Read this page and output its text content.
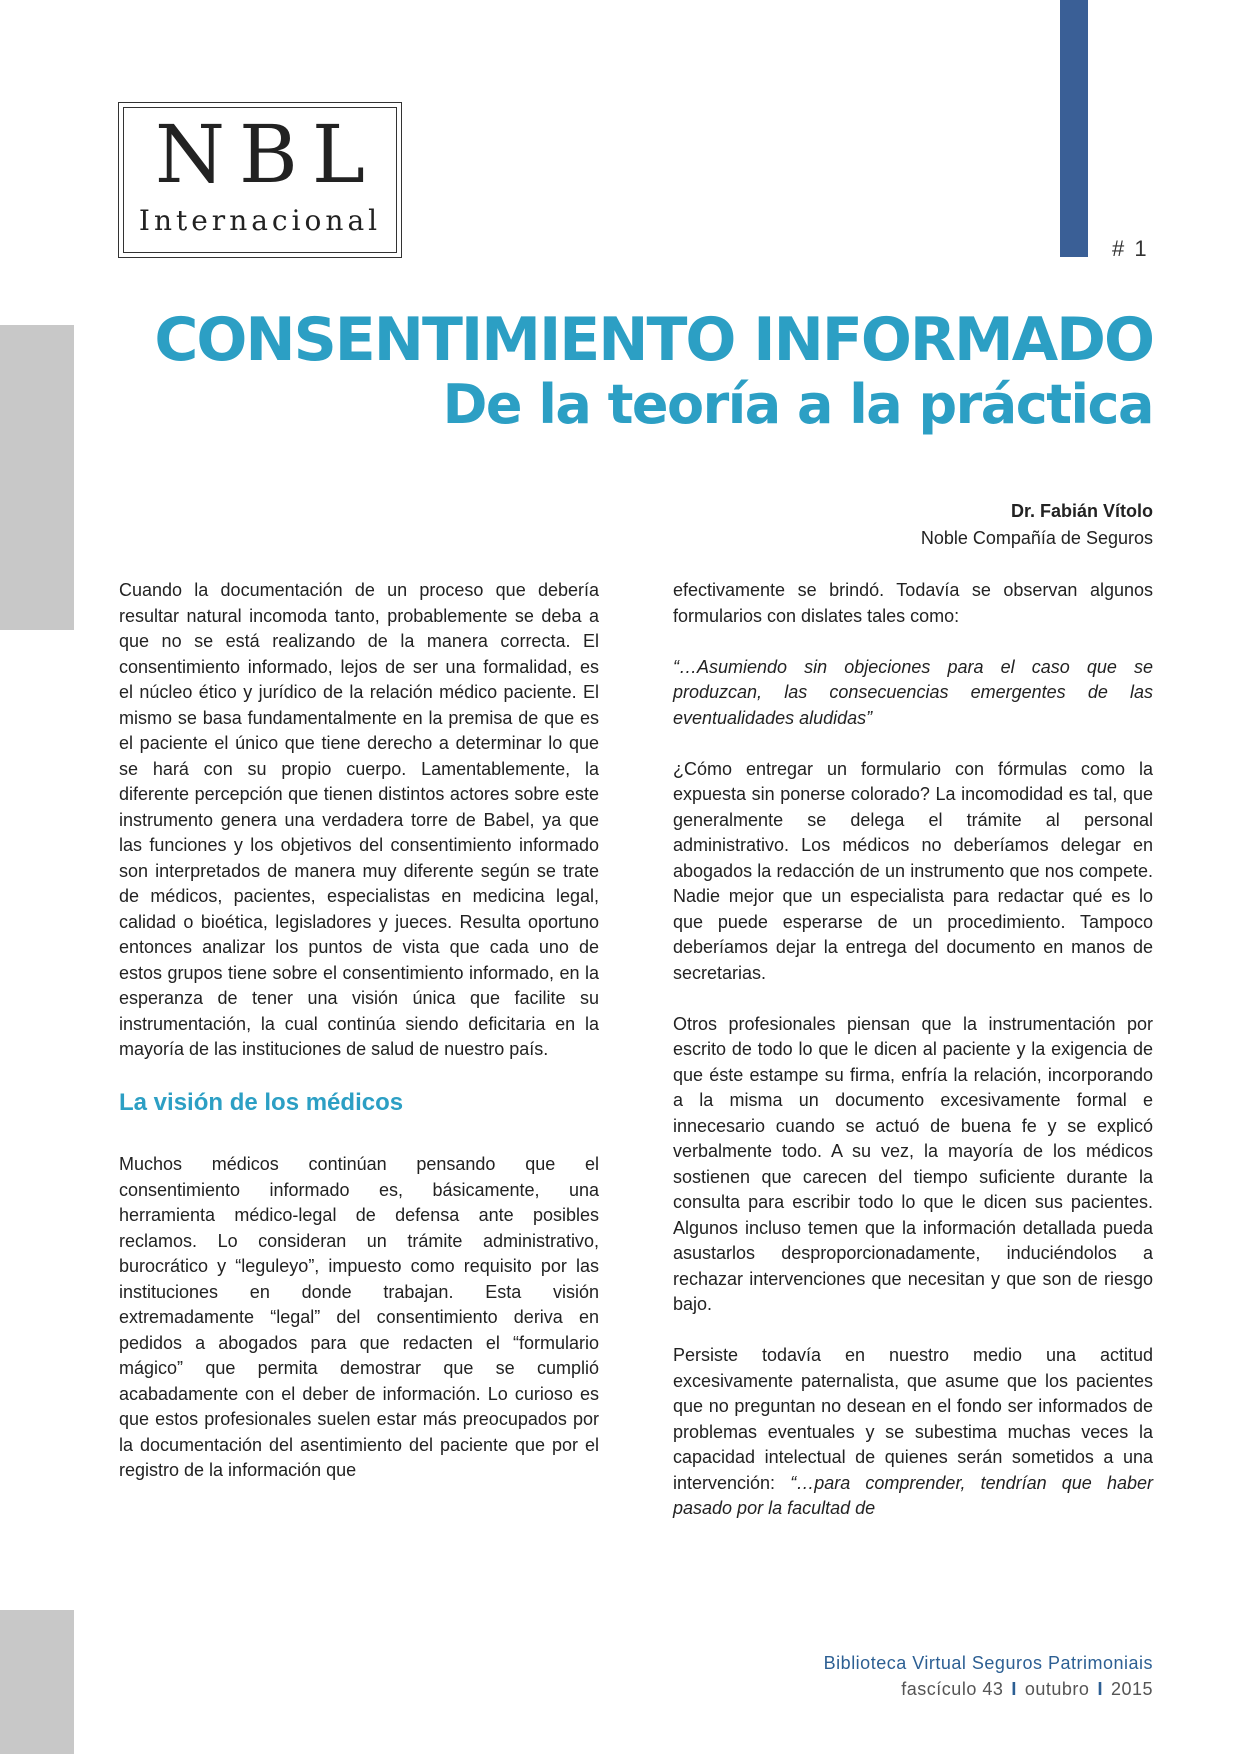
NBL
Internacional
# 1
CONSENTIMIENTO INFORMADO
De la teoría a la práctica
Dr. Fabián Vítolo
Noble Compañía de Seguros

Cuando la documentación de un proceso que debería resultar natural incomoda tanto, probablemente se deba a que no se está realizando de la manera correcta. El consentimiento informado, lejos de ser una formalidad, es el núcleo ético y jurídico de la relación médico paciente. El mismo se basa fundamentalmente en la premisa de que es el paciente el único que tiene derecho a determinar lo que se hará con su propio cuerpo. Lamentablemente, la diferente percepción que tienen distintos actores sobre este instrumento genera una verdadera torre de Babel, ya que las funciones y los objetivos del consentimiento informado son interpretados de manera muy diferente según se trate de médicos, pacientes, especialistas en medicina legal, calidad o bioética, legisladores y jueces. Resulta oportuno entonces analizar los puntos de vista que cada uno de estos grupos tiene sobre el consentimiento informado, en la esperanza de tener una visión única que facilite su instrumentación, la cual continúa siendo deficitaria en la mayoría de las instituciones de salud de nuestro país.

La visión de los médicos

Muchos médicos continúan pensando que el consentimiento informado es, básicamente, una herramienta médico-legal de defensa ante posibles reclamos. Lo consideran un trámite administrativo, burocrático y “leguleyo”, impuesto como requisito por las instituciones en donde trabajan. Esta visión extremadamente “legal” del consentimiento deriva en pedidos a abogados para que redacten el “formulario mágico” que permita demostrar que se cumplió acabadamente con el deber de información. Lo curioso es que estos profesionales suelen estar más preocupados por la documentación del asentimiento del paciente que por el registro de la información que

efectivamente se brindó. Todavía se observan algunos formularios con dislates tales como:

“…Asumiendo sin objeciones para el caso que se produzcan, las consecuencias emergentes de las eventualidades aludidas”

¿Cómo entregar un formulario con fórmulas como la expuesta sin ponerse colorado? La incomodidad es tal, que generalmente se delega el trámite al personal administrativo. Los médicos no deberíamos delegar en abogados la redacción de un instrumento que nos compete. Nadie mejor que un especialista para redactar qué es lo que puede esperarse de un procedimiento. Tampoco deberíamos dejar la entrega del documento en manos de secretarias.

Otros profesionales piensan que la instrumentación por escrito de todo lo que le dicen al paciente y la exigencia de que éste estampe su firma, enfría la relación, incorporando a la misma un documento excesivamente formal e innecesario cuando se actuó de buena fe y se explicó verbalmente todo. A su vez, la mayoría de los médicos sostienen que carecen del tiempo suficiente durante la consulta para escribir todo lo que le dicen sus pacientes. Algunos incluso temen que la información detallada pueda asustarlos desproporcionadamente, induciéndolos a rechazar intervenciones que necesitan y que son de riesgo bajo.

Persiste todavía en nuestro medio una actitud excesivamente paternalista, que asume que los pacientes que no preguntan no desean en el fondo ser informados de problemas eventuales y se subestima muchas veces la capacidad intelectual de quienes serán sometidos a una intervención: “…para comprender, tendrían que haber pasado por la facultad de

Biblioteca Virtual Seguros Patrimoniais
fascículo 43 I outubro I 2015
